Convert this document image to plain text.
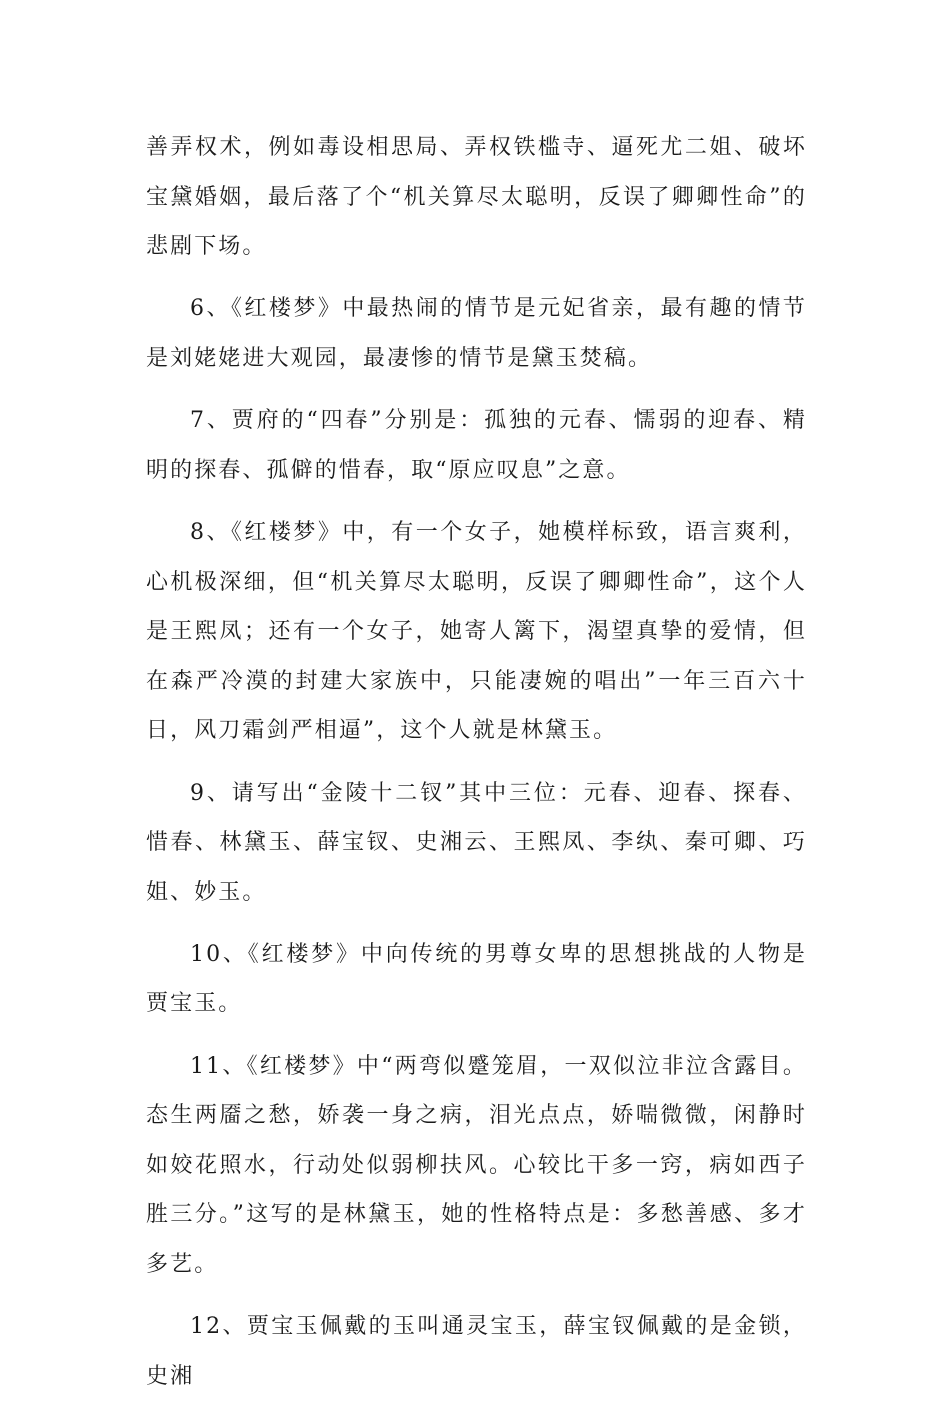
善弄权术，例如毒设相思局、弄权铁槛寺、逼死尤二姐、破坏宝黛婚姻，最后落了个“机关算尽太聪明，反误了卿卿性命”的悲剧下场。

6、《红楼梦》中最热闹的情节是元妃省亲，最有趣的情节是刘姥姥进大观园，最凄惨的情节是黛玉焚稿。

7、贾府的“四春”分别是：孤独的元春、懦弱的迎春、精明的探春、孤僻的惜春，取“原应叹息”之意。

8、《红楼梦》中，有一个女子，她模样标致，语言爽利，心机极深细，但“机关算尽太聪明，反误了卿卿性命”，这个人是王熙凤；还有一个女子，她寄人篱下，渴望真挚的爱情，但在森严冷漠的封建大家族中，只能凄婉的唱出”一年三百六十日，风刀霜剑严相逼”，这个人就是林黛玉。

9、请写出“金陵十二钗”其中三位：元春、迎春、探春、惜春、林黛玉、薛宝钗、史湘云、王熙凤、李纨、秦可卿、巧姐、妙玉。

10、《红楼梦》中向传统的男尊女卑的思想挑战的人物是贾宝玉。

11、《红楼梦》中“两弯似蹙笼眉，一双似泣非泣含露目。态生两靥之愁，娇袭一身之病，泪光点点，娇喘微微，闲静时如姣花照水，行动处似弱柳扶风。心较比干多一窍，病如西子胜三分。”这写的是林黛玉，她的性格特点是：多愁善感、多才多艺。

12、贾宝玉佩戴的玉叫通灵宝玉，薛宝钗佩戴的是金锁，史湘
